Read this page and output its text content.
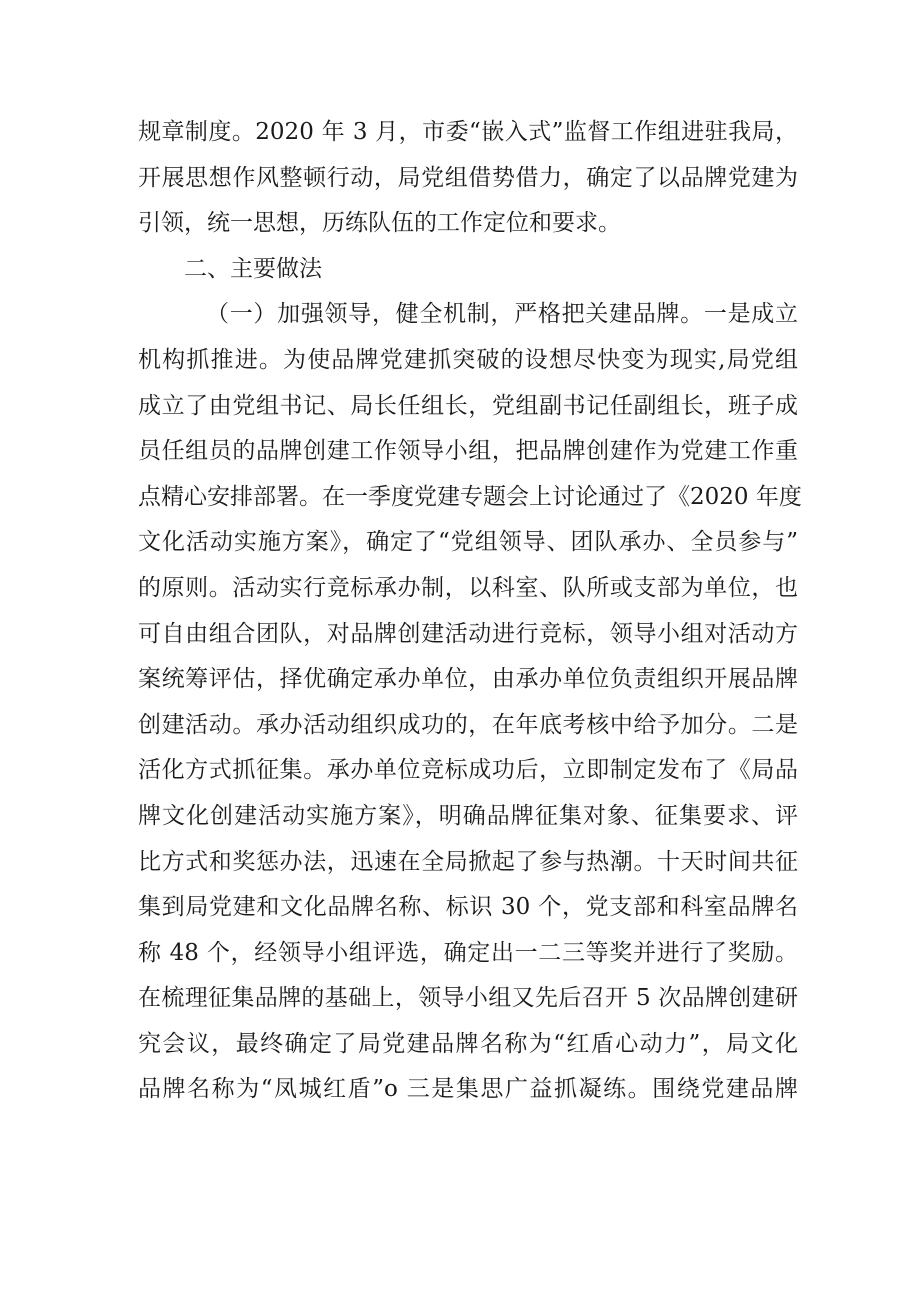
规章制度。2020 年 3 月，市委“嵌入式”监督工作组进驻我局，
开展思想作风整顿行动，局党组借势借力，确定了以品牌党建为
引领，统一思想，历练队伍的工作定位和要求。
二、主要做法
（一）加强领导，健全机制，严格把关建品牌。一是成立
机构抓推进。为使品牌党建抓突破的设想尽快变为现实,局党组
成立了由党组书记、局长任组长，党组副书记任副组长，班子成
员任组员的品牌创建工作领导小组，把品牌创建作为党建工作重
点精心安排部署。在一季度党建专题会上讨论通过了《2020 年度
文化活动实施方案》，确定了“党组领导、团队承办、全员参与”
的原则。活动实行竞标承办制，以科室、队所或支部为单位，也
可自由组合团队，对品牌创建活动进行竞标，领导小组对活动方
案统筹评估，择优确定承办单位，由承办单位负责组织开展品牌
创建活动。承办活动组织成功的，在年底考核中给予加分。二是
活化方式抓征集。承办单位竞标成功后，立即制定发布了《局品
牌文化创建活动实施方案》，明确品牌征集对象、征集要求、评
比方式和奖惩办法，迅速在全局掀起了参与热潮。十天时间共征
集到局党建和文化品牌名称、标识 30 个，党支部和科室品牌名
称 48 个，经领导小组评选，确定出一二三等奖并进行了奖励。
在梳理征集品牌的基础上，领导小组又先后召开 5 次品牌创建研
究会议，最终确定了局党建品牌名称为“红盾心动力”，局文化
品牌名称为“凤城红盾”o 三是集思广益抓凝练。围绕党建品牌
